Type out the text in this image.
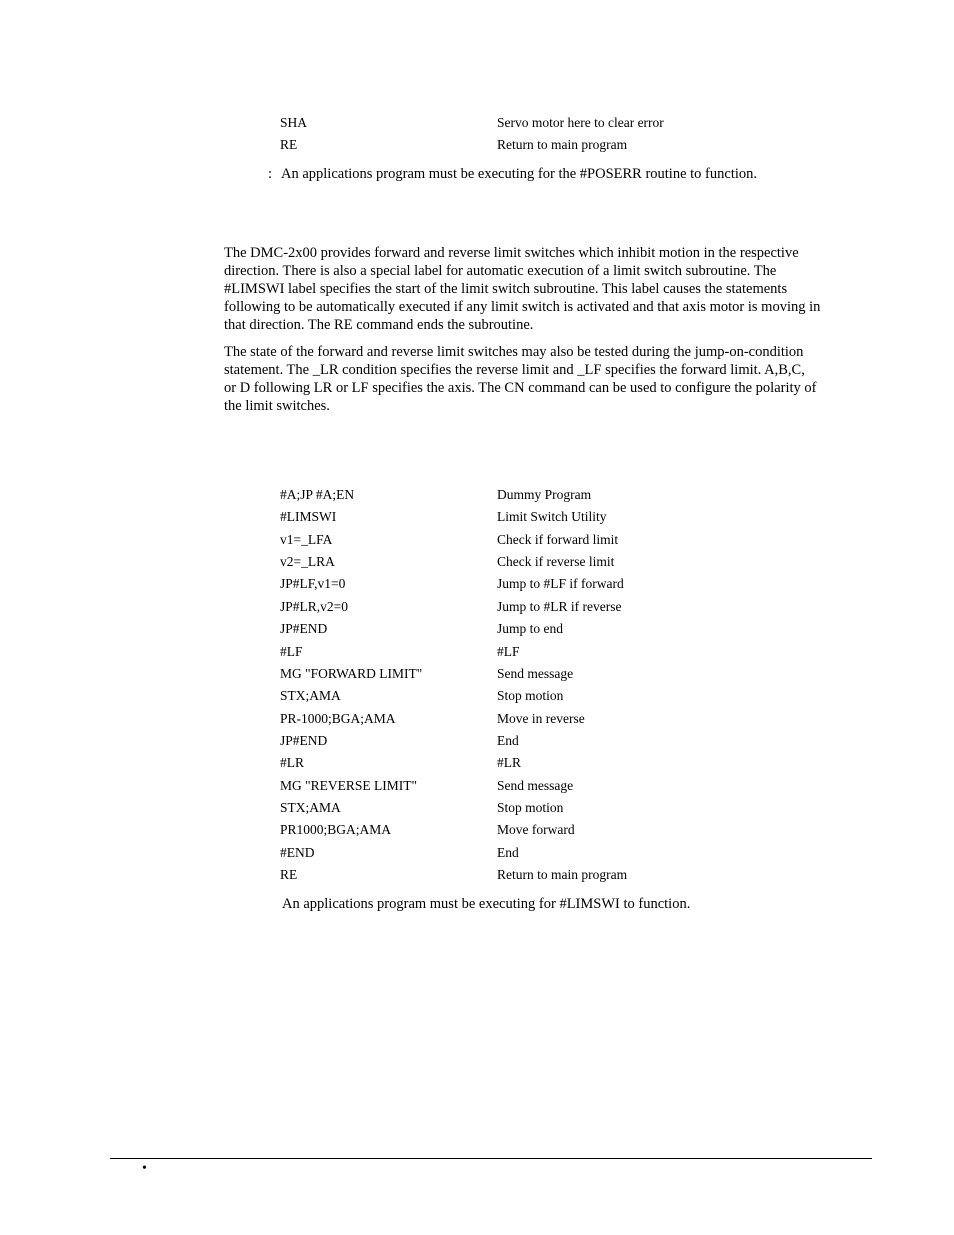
SHA	Servo motor here to clear error
RE	Return to main program
: An applications program must be executing for the #POSERR routine to function.
The DMC-2x00 provides forward and reverse limit switches which inhibit motion in the respective
direction. There is also a special label for automatic execution of a limit switch subroutine. The
#LIMSWI label specifies the start of the limit switch subroutine. This label causes the statements
following to be automatically executed if any limit switch is activated and that axis motor is moving in
that direction. The RE command ends the subroutine.
The state of the forward and reverse limit switches may also be tested during the jump-on-condition
statement. The _LR condition specifies the reverse limit and _LF specifies the forward limit. A,B,C,
or D following LR or LF specifies the axis. The CN command can be used to configure the polarity of
the limit switches.
#A;JP #A;EN	Dummy Program
#LIMSWI	Limit Switch Utility
v1=_LFA	Check if forward limit
v2=_LRA	Check if reverse limit
JP#LF,v1=0	Jump to #LF if forward
JP#LR,v2=0	Jump to #LR if reverse
JP#END	Jump to end
#LF	#LF
MG "FORWARD LIMIT"	Send message
STX;AMA	Stop motion
PR-1000;BGA;AMA	Move in reverse
JP#END	End
#LR	#LR
MG "REVERSE LIMIT"	Send message
STX;AMA	Stop motion
PR1000;BGA;AMA	Move forward
#END	End
RE	Return to main program
An applications program must be executing for #LIMSWI to function.
•
